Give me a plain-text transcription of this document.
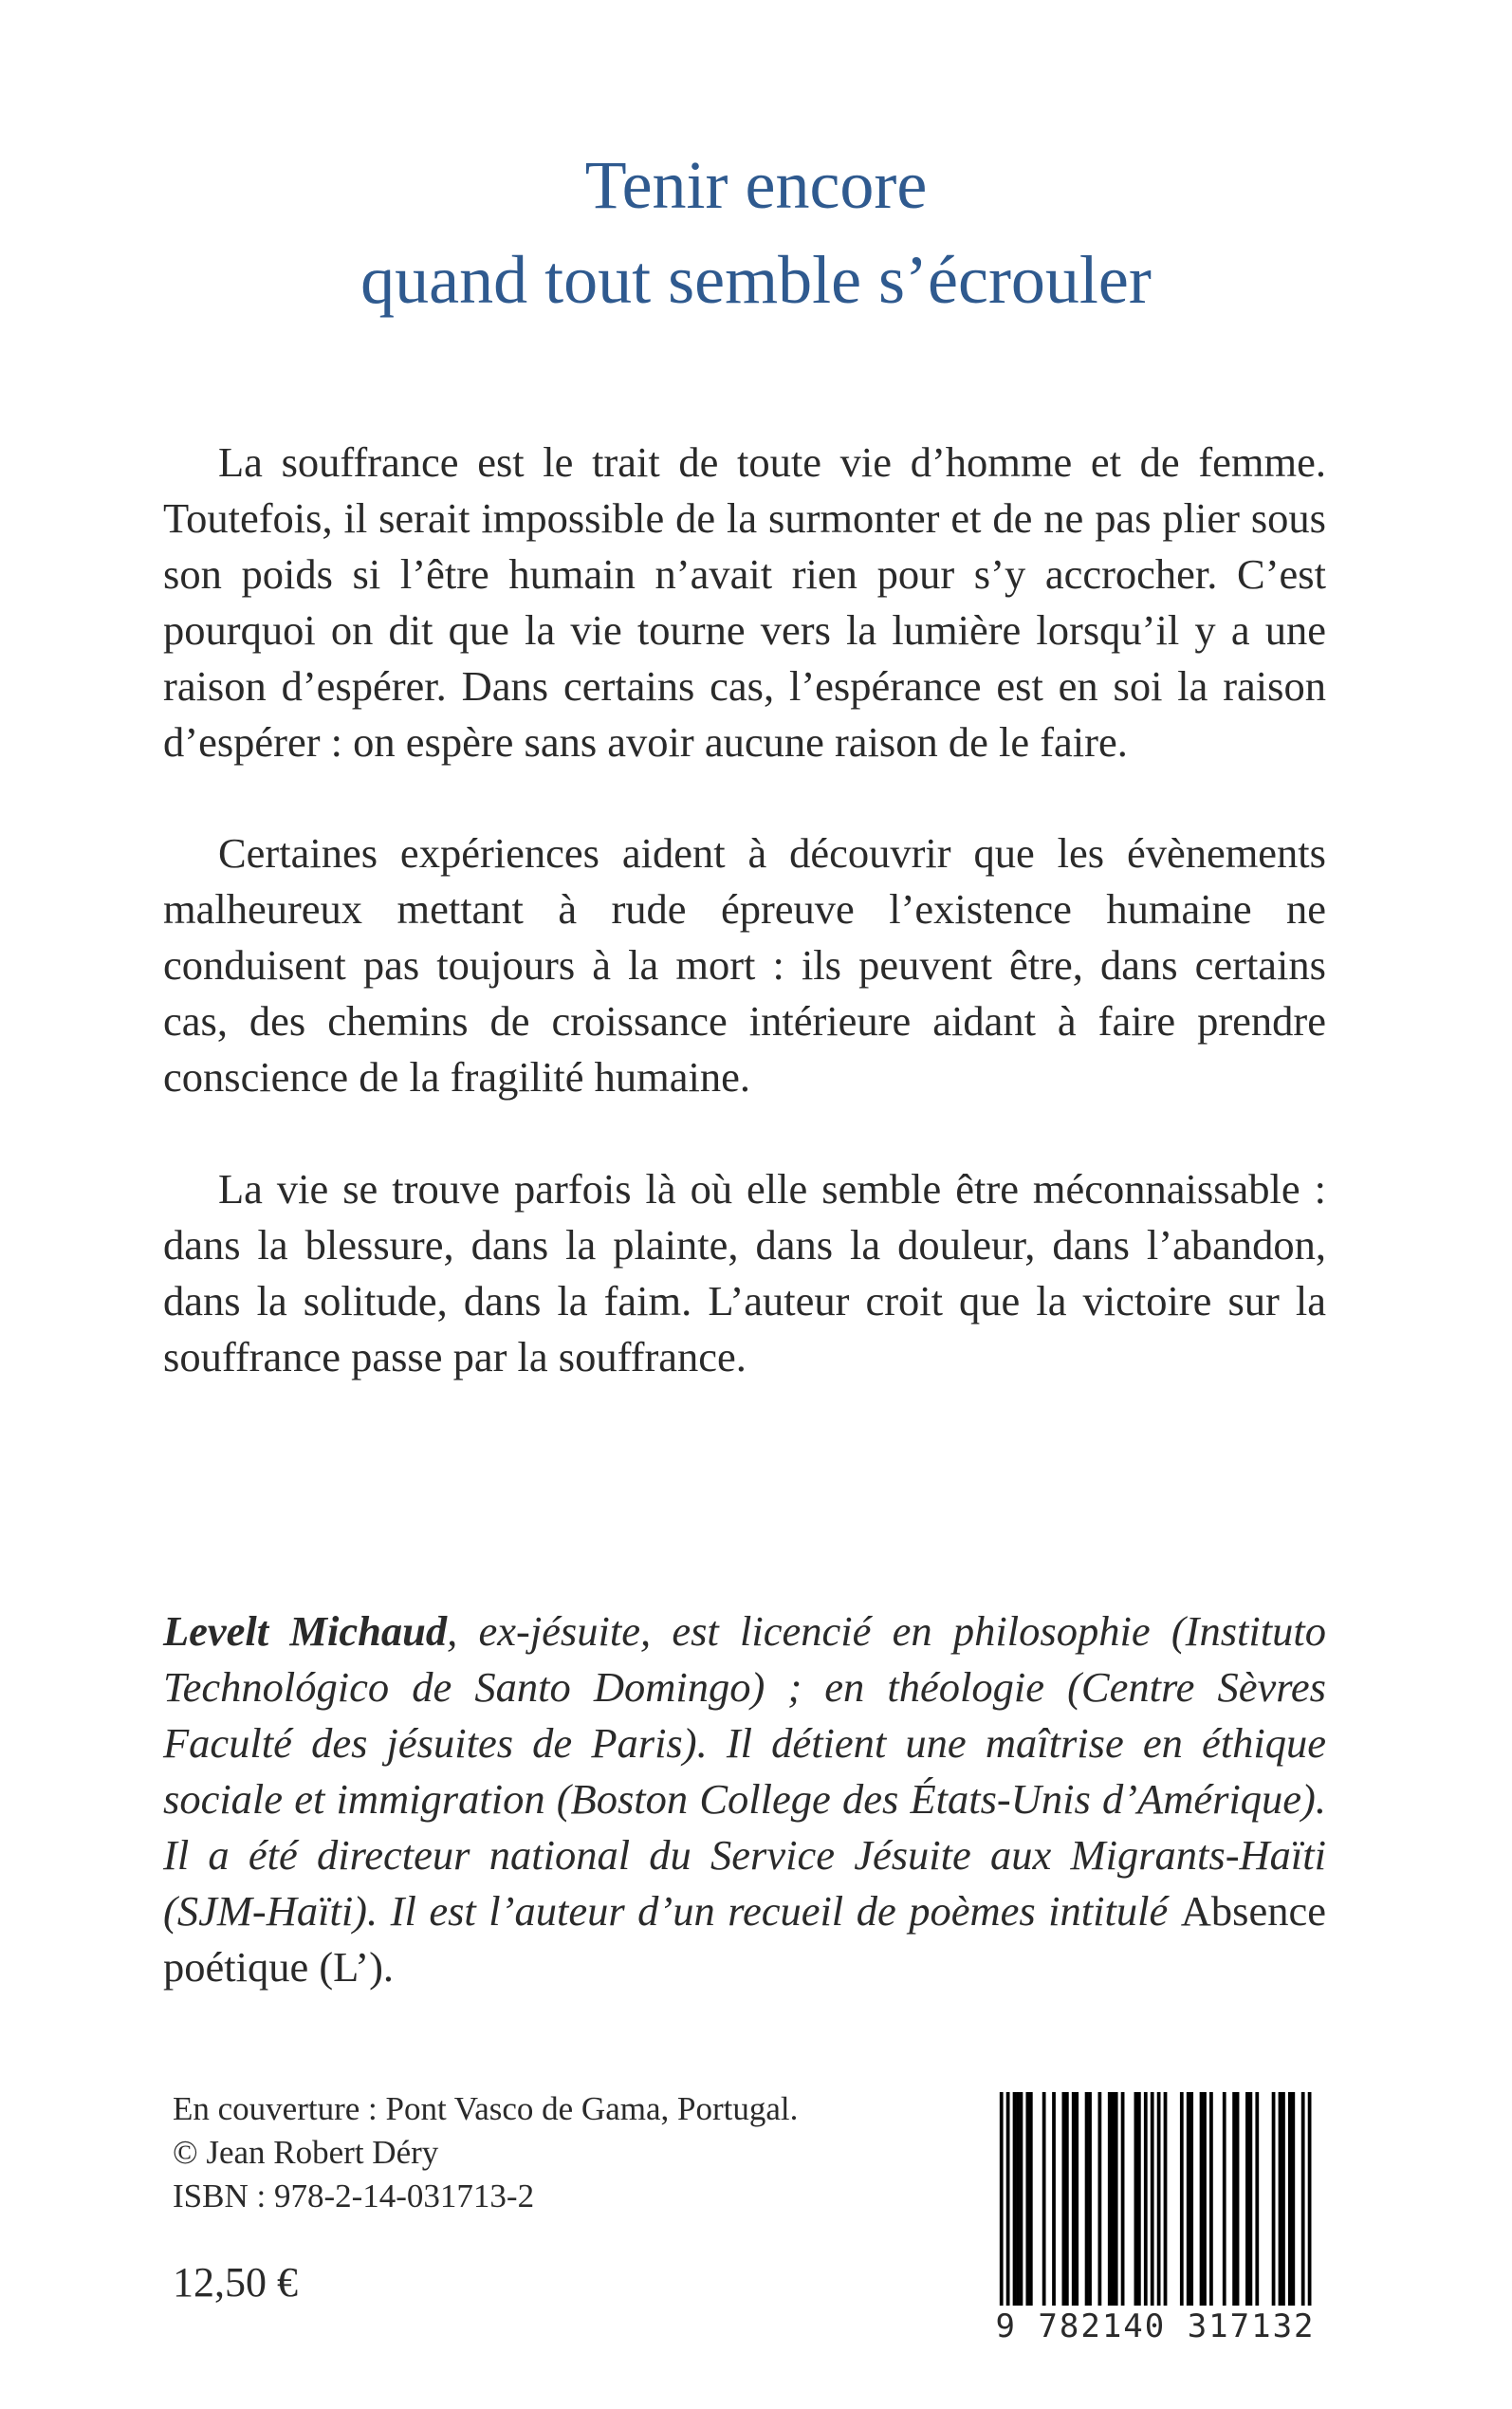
Tenir encore
quand tout semble s’écrouler

La souffrance est le trait de toute vie d’homme et de femme. Toutefois, il serait impossible de la surmonter et de ne pas plier sous son poids si l’être humain n’avait rien pour s’y accrocher. C’est pourquoi on dit que la vie tourne vers la lumière lorsqu’il y a une raison d’espérer. Dans certains cas, l’espérance est en soi la raison d’espérer : on espère sans avoir aucune raison de le faire.

Certaines expériences aident à découvrir que les évènements malheureux mettant à rude épreuve l’existence humaine ne conduisent pas toujours à la mort : ils peuvent être, dans certains cas, des chemins de croissance intérieure aidant à faire prendre conscience de la fragilité humaine.

La vie se trouve parfois là où elle semble être méconnaissable : dans la blessure, dans la plainte, dans la douleur, dans l’abandon, dans la solitude, dans la faim. L’auteur croit que la victoire sur la souffrance passe par la souffrance.

Levelt Michaud, ex-jésuite, est licencié en philosophie (Instituto Technológico de Santo Domingo) ; en théologie (Centre Sèvres Faculté des jésuites de Paris). Il détient une maîtrise en éthique sociale et immigration (Boston College des États-Unis d’Amérique). Il a été directeur national du Service Jésuite aux Migrants-Haïti (SJM-Haïti). Il est l’auteur d’un recueil de poèmes intitulé Absence poétique (L’).
En couverture : Pont Vasco de Gama, Portugal.
© Jean Robert Déry
ISBN : 978-2-14-031713-2
12,50 €
9 782140 317132
